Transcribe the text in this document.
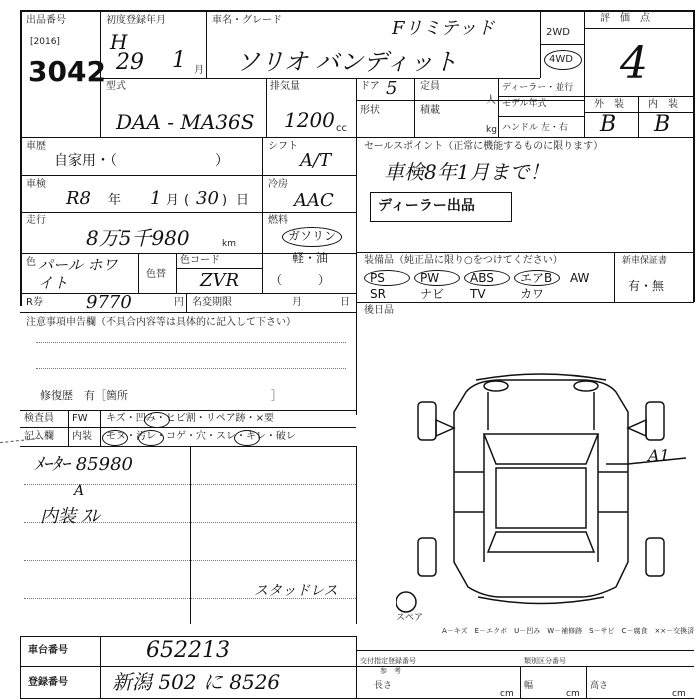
出品番号
[2016]
3042
初度登録年月
H
29 1 月
車名・グレード	Fリミテッド
ソリオ バンディット
2WD
4WD
評　価　点
4
外　装 内　装
B B
型式
DAA - MA36S
排気量
1200 cc
ドア 5 定員
人
形状	積載
kg
ディーラー・並行
モデル年式
ハンドル 左・右
車歴
自家用・（　　　　　　　）
シフト
A/T
車検
R8 年 1 月 ( 30 ) 日
冷房
AAC
走行
8万5千980	km
燃料
ガソリン
軽・油
（　　　）
色 パール ホワイト	色替
色コード
ZVR
R券 9770	円 名変期限	月	日
セールスポイント（正常に機能するものに限ります）
車検8年1月まで！
ディーラー出品
装備品（純正品に限り○をつけてください）	新車保証書
PS	PW	ABS エアB AW
SR	ナビ TV	カワ
有・無
注意事項申告欄（不具合内容等は具体的に記入して下さい）
修復歴　有［箇所　　　　　　　　　　　　　］
後日品
検査員
記入欄
FW キズ・凹み・ヒビ割・リペア跡・×要
内装 モヌ・汚レ・コゲ・穴・スレ・キレ・破レ
ﾒｰﾀｰ 85980
A
内装 ｽﾚ
スタッドレス
スペア
A1
A－キズ　E－エクボ　U－凹み　W－補修跡　S－サビ　C－腐食　××－交換済
交付指定登録番号
参　考
類別区分番号
長さ
cm
幅
cm
高さ
cm
車台番号	652213
登録番号 新潟 502 に 8526
